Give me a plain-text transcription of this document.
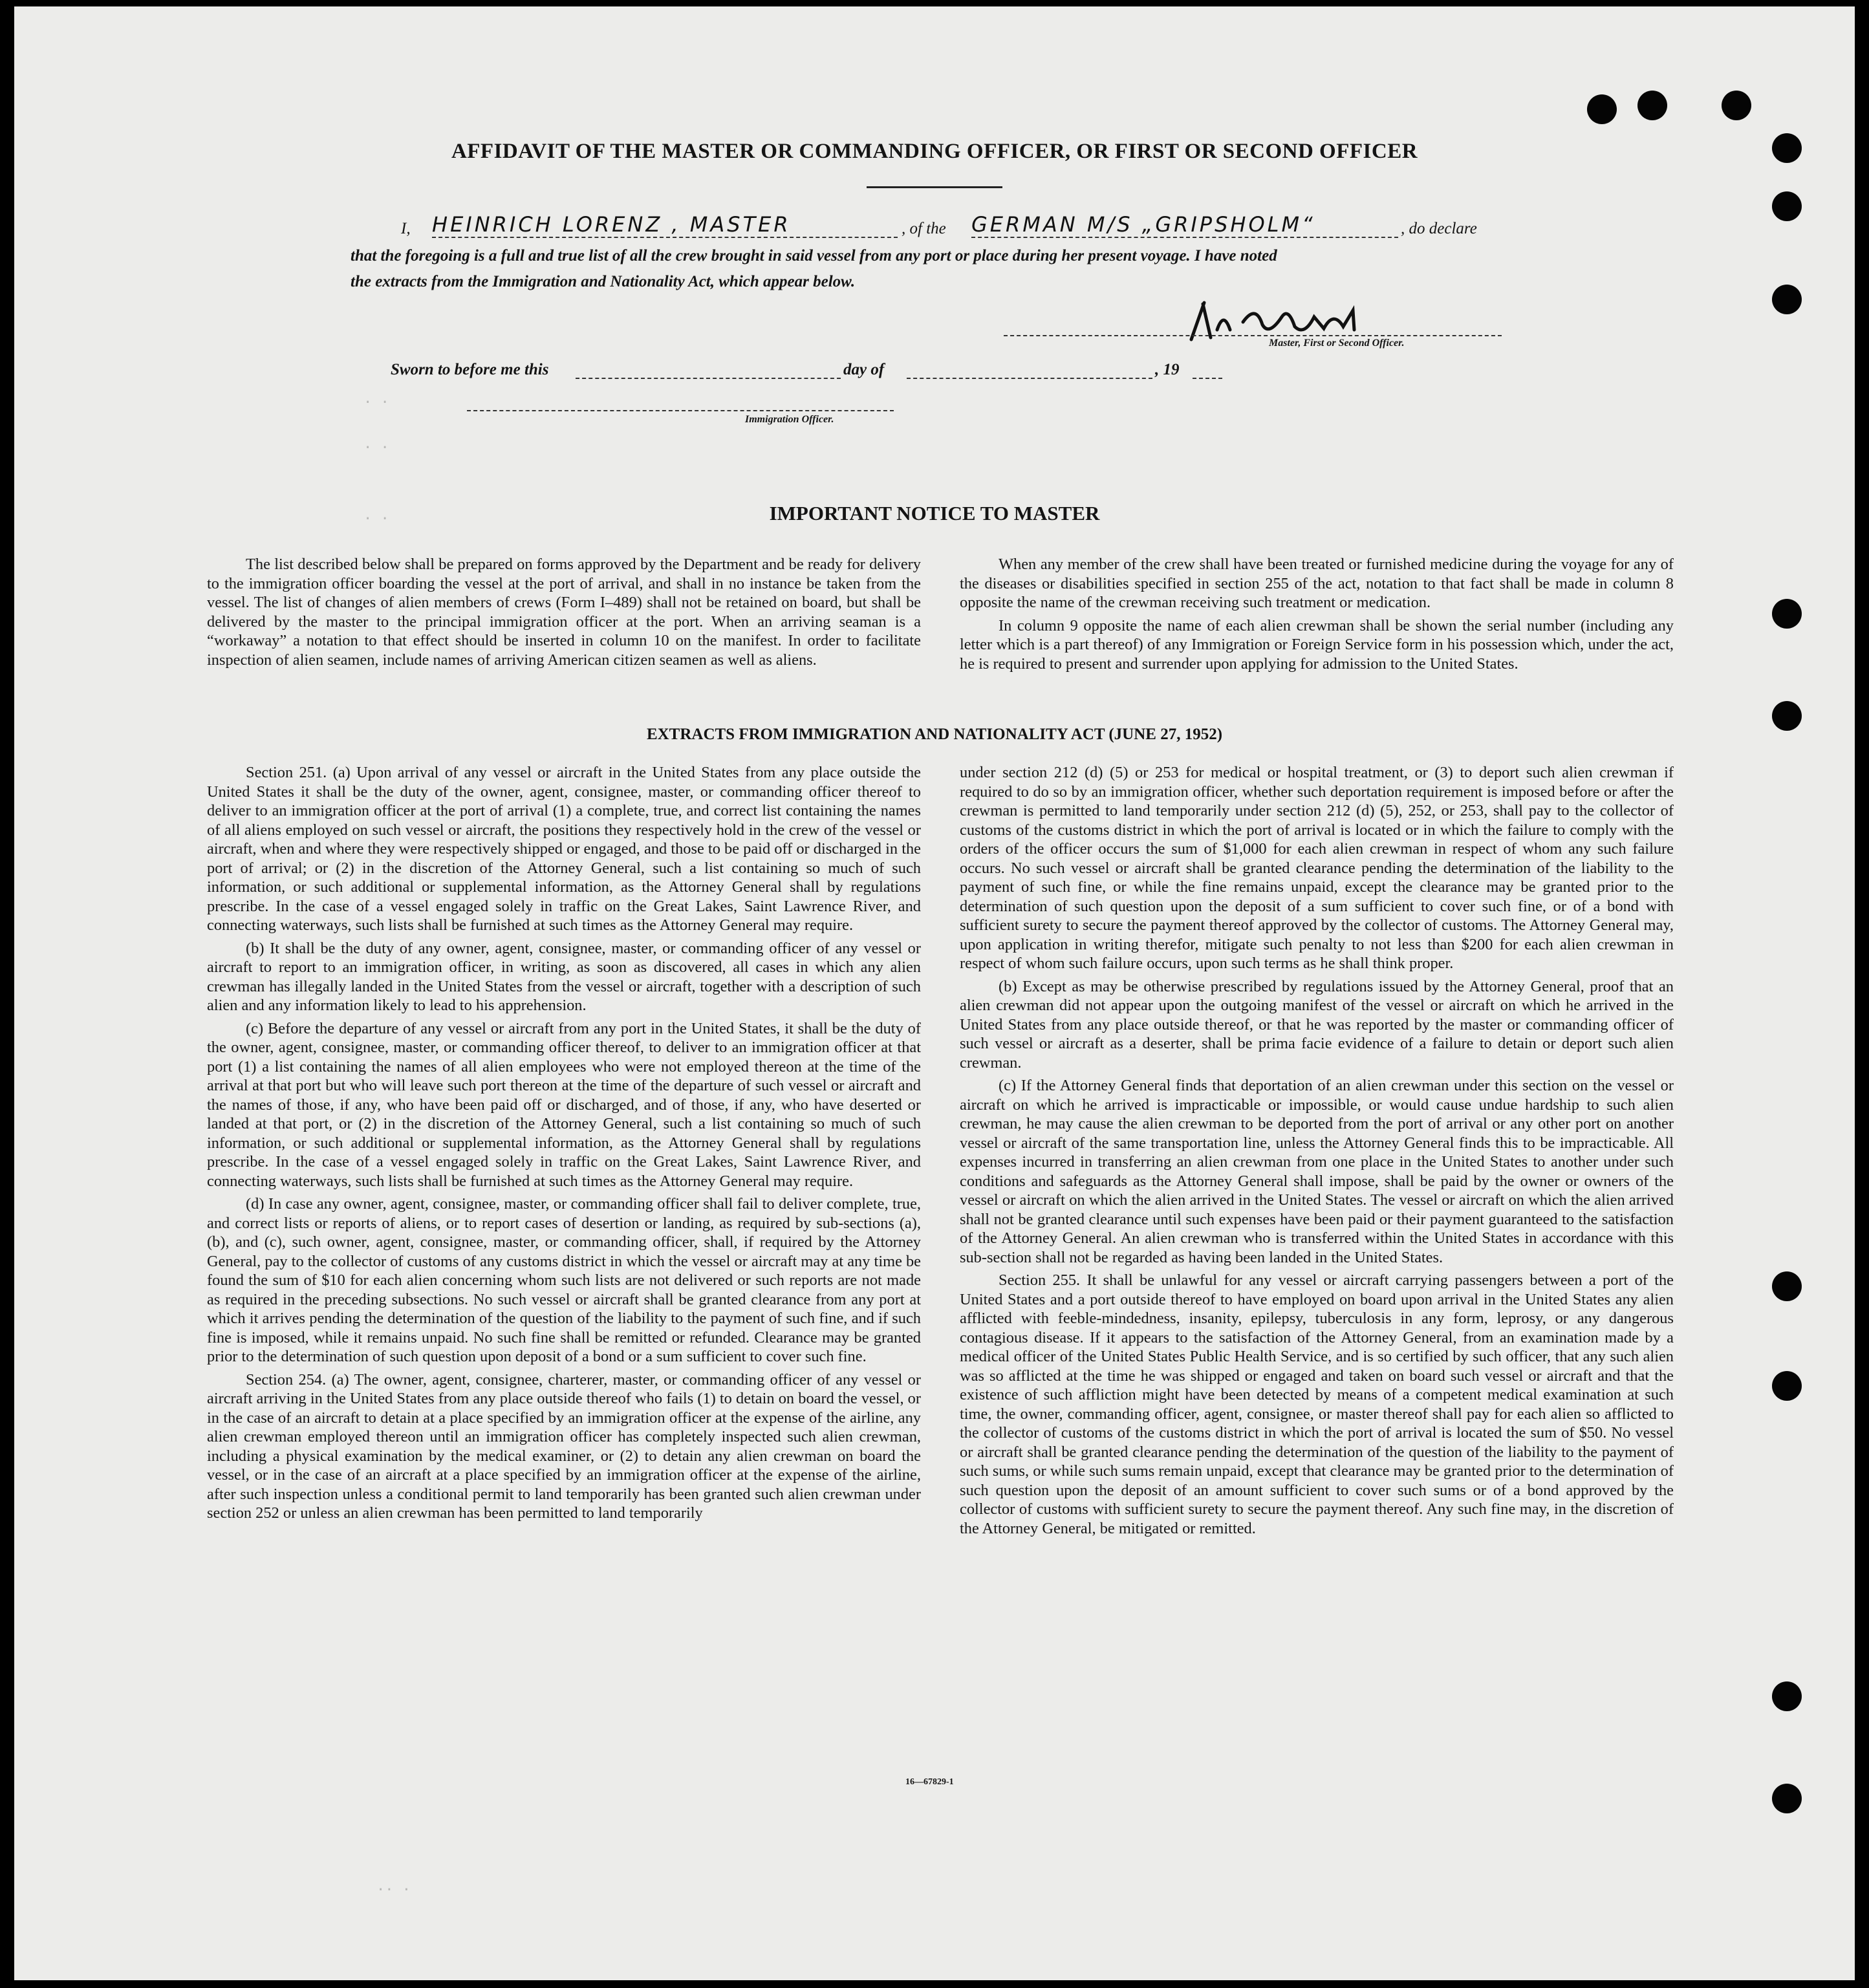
AFFIDAVIT OF THE MASTER OR COMMANDING OFFICER, OR FIRST OR SECOND OFFICER
I, HEINRICH LORENZ , MASTER	, of the GERMAN M/S „GRIPSHOLM“	, do declare
that the foregoing is a full and true list of all the crew brought in said vessel from any port or place during her present voyage. I have noted
the extracts from the Immigration and Nationality Act, which appear below.
Master, First or Second Officer.
Sworn to before me this	day of	, 19
Immigration Officer.
· ·
· ·
· ·
·· ·
IMPORTANT NOTICE TO MASTER

The list described below shall be prepared on forms approved by the Department and be ready for delivery to the immigration officer boarding the vessel at the port of arrival, and shall in no instance be taken from the vessel. The list of changes of alien members of crews (Form I–489) shall not be retained on board, but shall be delivered by the master to the principal immigration officer at the port. When an arriving seaman is a “workaway” a notation to that effect should be inserted in column 10 on the manifest. In order to facilitate inspection of alien seamen, include names of arriving American citizen seamen as well as aliens.

When any member of the crew shall have been treated or furnished medicine during the voyage for any of the diseases or disabilities specified in section 255 of the act, notation to that fact shall be made in column 8 opposite the name of the crewman receiving such treatment or medication.

In column 9 opposite the name of each alien crewman shall be shown the serial number (including any letter which is a part thereof) of any Immigration or Foreign Service form in his possession which, under the act, he is required to present and surrender upon applying for admission to the United States.

EXTRACTS FROM IMMIGRATION AND NATIONALITY ACT (JUNE 27, 1952)

Section 251. (a) Upon arrival of any vessel or aircraft in the United States from any place outside the United States it shall be the duty of the owner, agent, consignee, master, or commanding officer thereof to deliver to an immigration officer at the port of arrival (1) a complete, true, and correct list containing the names of all aliens employed on such vessel or aircraft, the positions they respectively hold in the crew of the vessel or aircraft, when and where they were respectively shipped or engaged, and those to be paid off or discharged in the port of arrival; or (2) in the discretion of the Attorney General, such a list containing so much of such information, or such additional or supplemental information, as the Attorney General shall by regulations prescribe. In the case of a vessel engaged solely in traffic on the Great Lakes, Saint Lawrence River, and connecting waterways, such lists shall be furnished at such times as the Attorney General may require.

(b) It shall be the duty of any owner, agent, consignee, master, or commanding officer of any vessel or aircraft to report to an immigration officer, in writing, as soon as discovered, all cases in which any alien crewman has illegally landed in the United States from the vessel or aircraft, together with a description of such alien and any information likely to lead to his apprehension.

(c) Before the departure of any vessel or aircraft from any port in the United States, it shall be the duty of the owner, agent, consignee, master, or commanding officer thereof, to deliver to an immigration officer at that port (1) a list containing the names of all alien employees who were not employed thereon at the time of the arrival at that port but who will leave such port thereon at the time of the departure of such vessel or aircraft and the names of those, if any, who have been paid off or discharged, and of those, if any, who have deserted or landed at that port, or (2) in the discretion of the Attorney General, such a list containing so much of such information, or such additional or supplemental information, as the Attorney General shall by regulations prescribe. In the case of a vessel engaged solely in traffic on the Great Lakes, Saint Lawrence River, and connecting waterways, such lists shall be furnished at such times as the Attorney General may require.

(d) In case any owner, agent, consignee, master, or commanding officer shall fail to deliver complete, true, and correct lists or reports of aliens, or to report cases of desertion or landing, as required by sub-sections (a), (b), and (c), such owner, agent, consignee, master, or commanding officer, shall, if required by the Attorney General, pay to the collector of customs of any customs district in which the vessel or aircraft may at any time be found the sum of $10 for each alien concerning whom such lists are not delivered or such reports are not made as required in the preceding subsections. No such vessel or aircraft shall be granted clearance from any port at which it arrives pending the determination of the question of the liability to the payment of such fine, and if such fine is imposed, while it remains unpaid. No such fine shall be remitted or refunded. Clearance may be granted prior to the determination of such question upon deposit of a bond or a sum sufficient to cover such fine.

Section 254. (a) The owner, agent, consignee, charterer, master, or commanding officer of any vessel or aircraft arriving in the United States from any place outside thereof who fails (1) to detain on board the vessel, or in the case of an aircraft to detain at a place specified by an immigration officer at the expense of the airline, any alien crewman employed thereon until an immigration officer has completely inspected such alien crewman, including a physical examination by the medical examiner, or (2) to detain any alien crewman on board the vessel, or in the case of an aircraft at a place specified by an immigration officer at the expense of the airline, after such inspection unless a conditional permit to land temporarily has been granted such alien crewman under section 252 or unless an alien crewman has been permitted to land temporarily

under section 212 (d) (5) or 253 for medical or hospital treatment, or (3) to deport such alien crewman if required to do so by an immigration officer, whether such deportation requirement is imposed before or after the crewman is permitted to land temporarily under section 212 (d) (5), 252, or 253, shall pay to the collector of customs of the customs district in which the port of arrival is located or in which the failure to comply with the orders of the officer occurs the sum of $1,000 for each alien crewman in respect of whom any such failure occurs. No such vessel or aircraft shall be granted clearance pending the determination of the liability to the payment of such fine, or while the fine remains unpaid, except the clearance may be granted prior to the determination of such question upon the deposit of a sum sufficient to cover such fine, or of a bond with sufficient surety to secure the payment thereof approved by the collector of customs. The Attorney General may, upon application in writing therefor, mitigate such penalty to not less than $200 for each alien crewman in respect of whom such failure occurs, upon such terms as he shall think proper.

(b) Except as may be otherwise prescribed by regulations issued by the Attorney General, proof that an alien crewman did not appear upon the outgoing manifest of the vessel or aircraft on which he arrived in the United States from any place outside thereof, or that he was reported by the master or commanding officer of such vessel or aircraft as a deserter, shall be prima facie evidence of a failure to detain or deport such alien crewman.

(c) If the Attorney General finds that deportation of an alien crewman under this section on the vessel or aircraft on which he arrived is impracticable or impossible, or would cause undue hardship to such alien crewman, he may cause the alien crewman to be deported from the port of arrival or any other port on another vessel or aircraft of the same transportation line, unless the Attorney General finds this to be impracticable. All expenses incurred in transferring an alien crewman from one place in the United States to another under such conditions and safeguards as the Attorney General shall impose, shall be paid by the owner or owners of the vessel or aircraft on which the alien arrived in the United States. The vessel or aircraft on which the alien arrived shall not be granted clearance until such expenses have been paid or their payment guaranteed to the satisfaction of the Attorney General. An alien crewman who is transferred within the United States in accordance with this sub-section shall not be regarded as having been landed in the United States.

Section 255. It shall be unlawful for any vessel or aircraft carrying passengers between a port of the United States and a port outside thereof to have employed on board upon arrival in the United States any alien afflicted with feeble-mindedness, insanity, epilepsy, tuberculosis in any form, leprosy, or any dangerous contagious disease. If it appears to the satisfaction of the Attorney General, from an examination made by a medical officer of the United States Public Health Service, and is so certified by such officer, that any such alien was so afflicted at the time he was shipped or engaged and taken on board such vessel or aircraft and that the existence of such affliction might have been detected by means of a competent medical examination at such time, the owner, commanding officer, agent, consignee, or master thereof shall pay for each alien so afflicted to the collector of customs of the customs district in which the port of arrival is located the sum of $50. No vessel or aircraft shall be granted clearance pending the determination of the question of the liability to the payment of such sums, or while such sums remain unpaid, except that clearance may be granted prior to the determination of such question upon the deposit of an amount sufficient to cover such sums or of a bond approved by the collector of customs with sufficient surety to secure the payment thereof. Any such fine may, in the discretion of the Attorney General, be mitigated or remitted.

16—67829-1
